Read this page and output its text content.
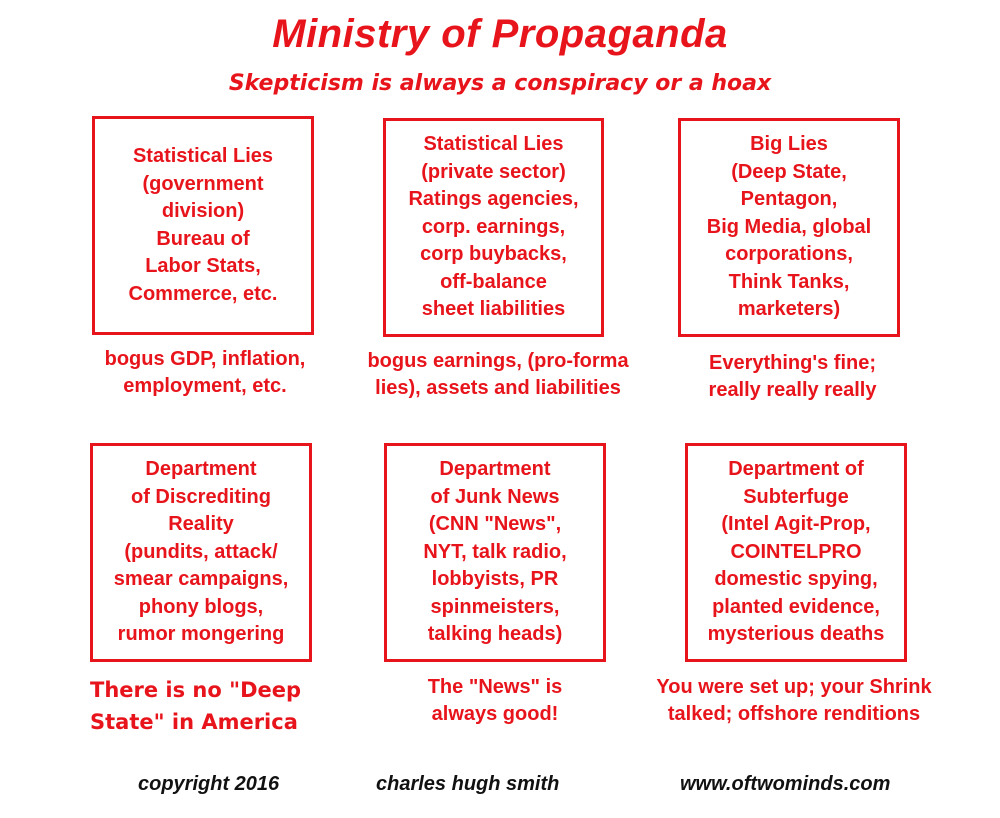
Ministry of Propaganda
Skepticism is always a conspiracy or a hoax
Statistical Lies
(government
division)
Bureau of
Labor Stats,
Commerce, etc.
Statistical Lies
(private sector)
Ratings agencies,
corp. earnings,
corp buybacks,
off-balance
sheet liabilities
Big Lies
(Deep State,
Pentagon,
Big Media, global
corporations,
Think Tanks,
marketers)
bogus GDP, inflation,
employment, etc.
bogus earnings, (pro-forma
lies), assets and liabilities
Everything's fine;
really really really
Department
of Discrediting
Reality
(pundits, attack/
smear campaigns,
phony blogs,
rumor mongering
Department
of Junk News
(CNN "News",
NYT, talk radio,
lobbyists, PR
spinmeisters,
talking heads)
Department of
Subterfuge
(Intel Agit-Prop,
COINTELPRO
domestic spying,
planted evidence,
mysterious deaths
There is no "Deep
State" in America
The "News" is
always good!
You were set up; your Shrink
talked; offshore renditions
copyright 2016	charles hugh smith	www.oftwominds.com
